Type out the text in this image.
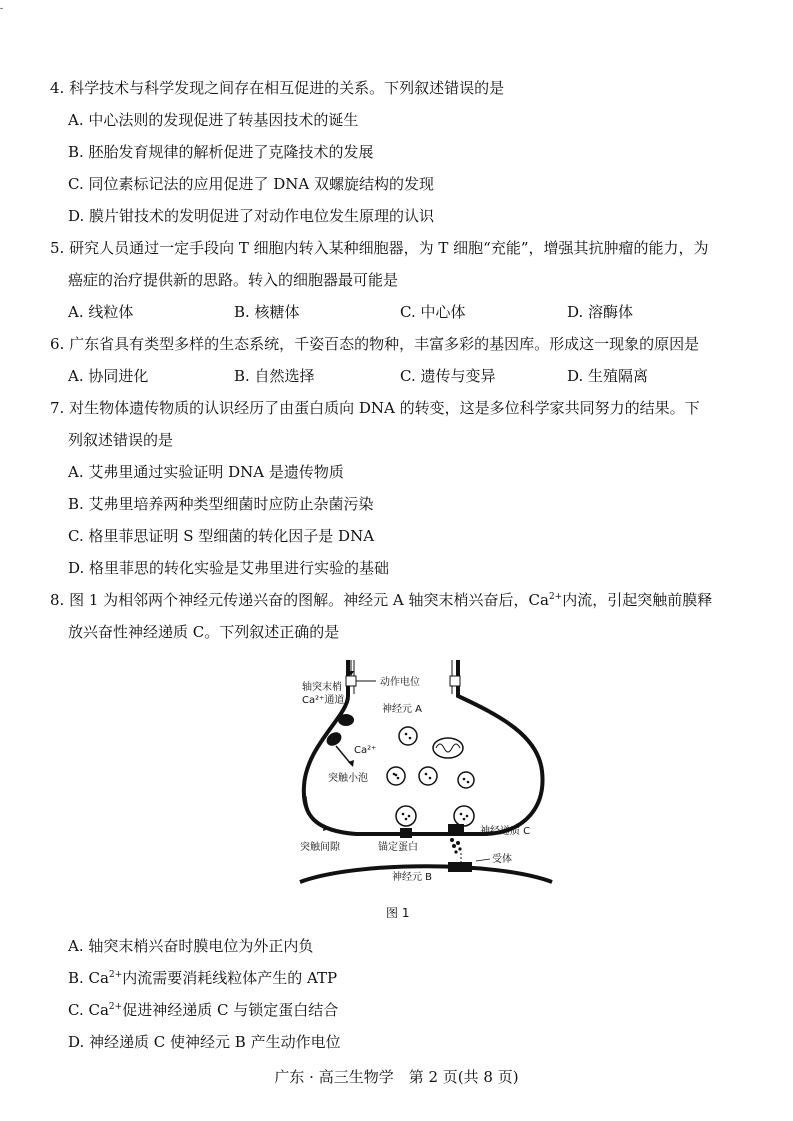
-
4. 科学技术与科学发现之间存在相互促进的关系。下列叙述错误的是
A. 中心法则的发现促进了转基因技术的诞生
B. 胚胎发育规律的解析促进了克隆技术的发展
C. 同位素标记法的应用促进了 DNA 双螺旋结构的发现
D. 膜片钳技术的发明促进了对动作电位发生原理的认识
5. 研究人员通过一定手段向 T 细胞内转入某种细胞器，为 T 细胞“充能”，增强其抗肿瘤的能力，为
癌症的治疗提供新的思路。转入的细胞器最可能是
A. 线粒体	B. 核糖体	C. 中心体	D. 溶酶体
6. 广东省具有类型多样的生态系统，千姿百态的物种，丰富多彩的基因库。形成这一现象的原因是
A. 协同进化	B. 自然选择	C. 遗传与变异	D. 生殖隔离
7. 对生物体遗传物质的认识经历了由蛋白质向 DNA 的转变，这是多位科学家共同努力的结果。下
列叙述错误的是
A. 艾弗里通过实验证明 DNA 是遗传物质
B. 艾弗里培养两种类型细菌时应防止杂菌污染
C. 格里菲思证明 S 型细菌的转化因子是 DNA
D. 格里菲思的转化实验是艾弗里进行实验的基础
8. 图 1 为相邻两个神经元传递兴奋的图解。神经元 A 轴突末梢兴奋后，$Ca^{2+}$内流，引起突触前膜释
放兴奋性神经递质 C。下列叙述正确的是
轴突末梢
Ca²⁺通道
动作电位
神经元 A
Ca²⁺
突触小泡
神经递质 C
突触间隙	锚定蛋白
受体
神经元 B
图 1
A. 轴突末梢兴奋时膜电位为外正内负
B. $Ca^{2+}$内流需要消耗线粒体产生的 ATP
C. $Ca^{2+}$促进神经递质 C 与锁定蛋白结合
D. 神经递质 C 使神经元 B 产生动作电位
广东 · 高三生物学　第 2 页(共 8 页)
